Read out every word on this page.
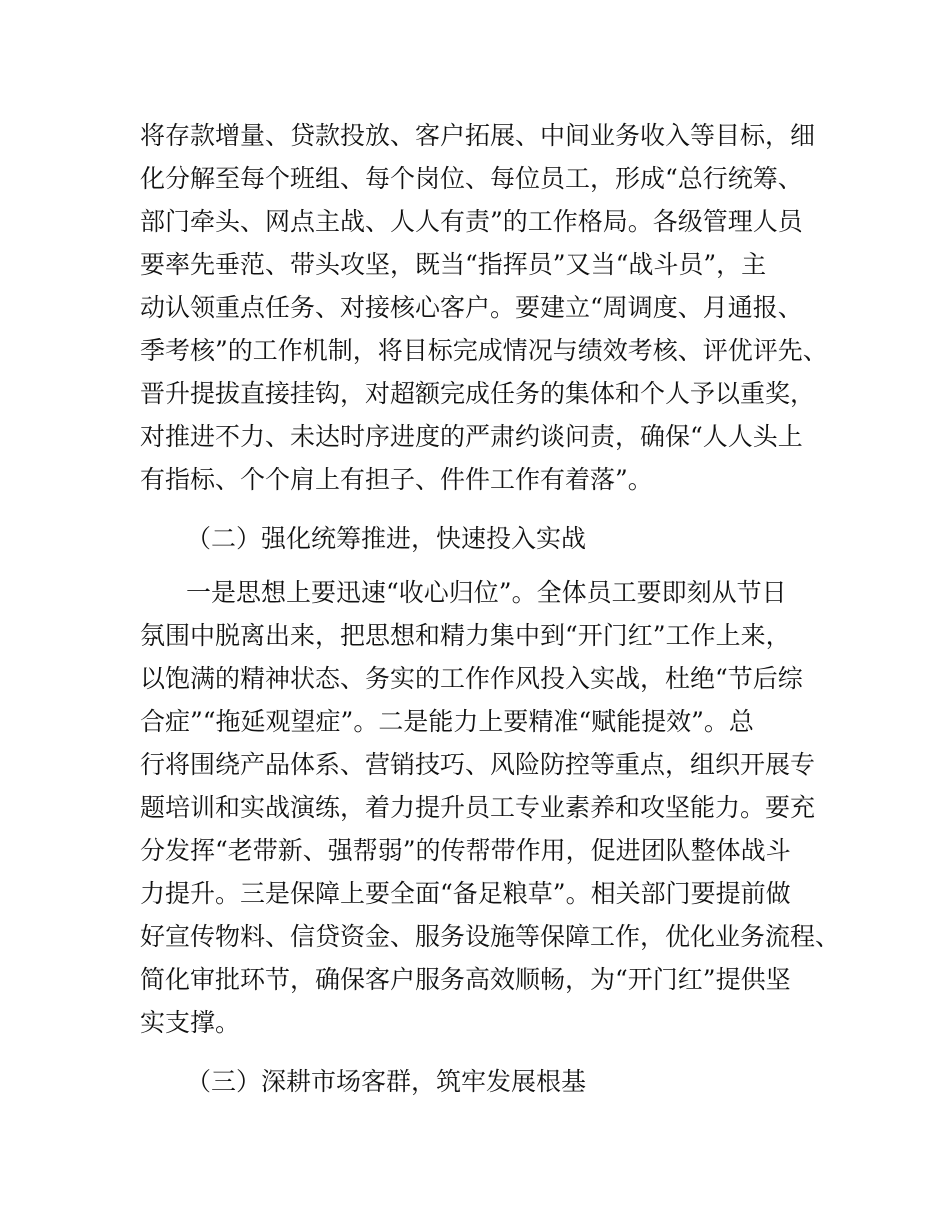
将存款增量、贷款投放、客户拓展、中间业务收入等目标，细
化分解至每个班组、每个岗位、每位员工，形成“总行统筹、
部门牵头、网点主战、人人有责”的工作格局。各级管理人员
要率先垂范、带头攻坚，既当“指挥员”又当“战斗员”，主
动认领重点任务、对接核心客户。要建立“周调度、月通报、
季考核”的工作机制，将目标完成情况与绩效考核、评优评先、
晋升提拔直接挂钩，对超额完成任务的集体和个人予以重奖，
对推进不力、未达时序进度的严肃约谈问责，确保“人人头上
有指标、个个肩上有担子、件件工作有着落”。
（二）强化统筹推进，快速投入实战
一是思想上要迅速“收心归位”。全体员工要即刻从节日
氛围中脱离出来，把思想和精力集中到“开门红”工作上来，
以饱满的精神状态、务实的工作作风投入实战，杜绝“节后综
合症”“拖延观望症”。二是能力上要精准“赋能提效”。总
行将围绕产品体系、营销技巧、风险防控等重点，组织开展专
题培训和实战演练，着力提升员工专业素养和攻坚能力。要充
分发挥“老带新、强帮弱”的传帮带作用，促进团队整体战斗
力提升。三是保障上要全面“备足粮草”。相关部门要提前做
好宣传物料、信贷资金、服务设施等保障工作，优化业务流程、
简化审批环节，确保客户服务高效顺畅，为“开门红”提供坚
实支撑。
（三）深耕市场客群，筑牢发展根基
